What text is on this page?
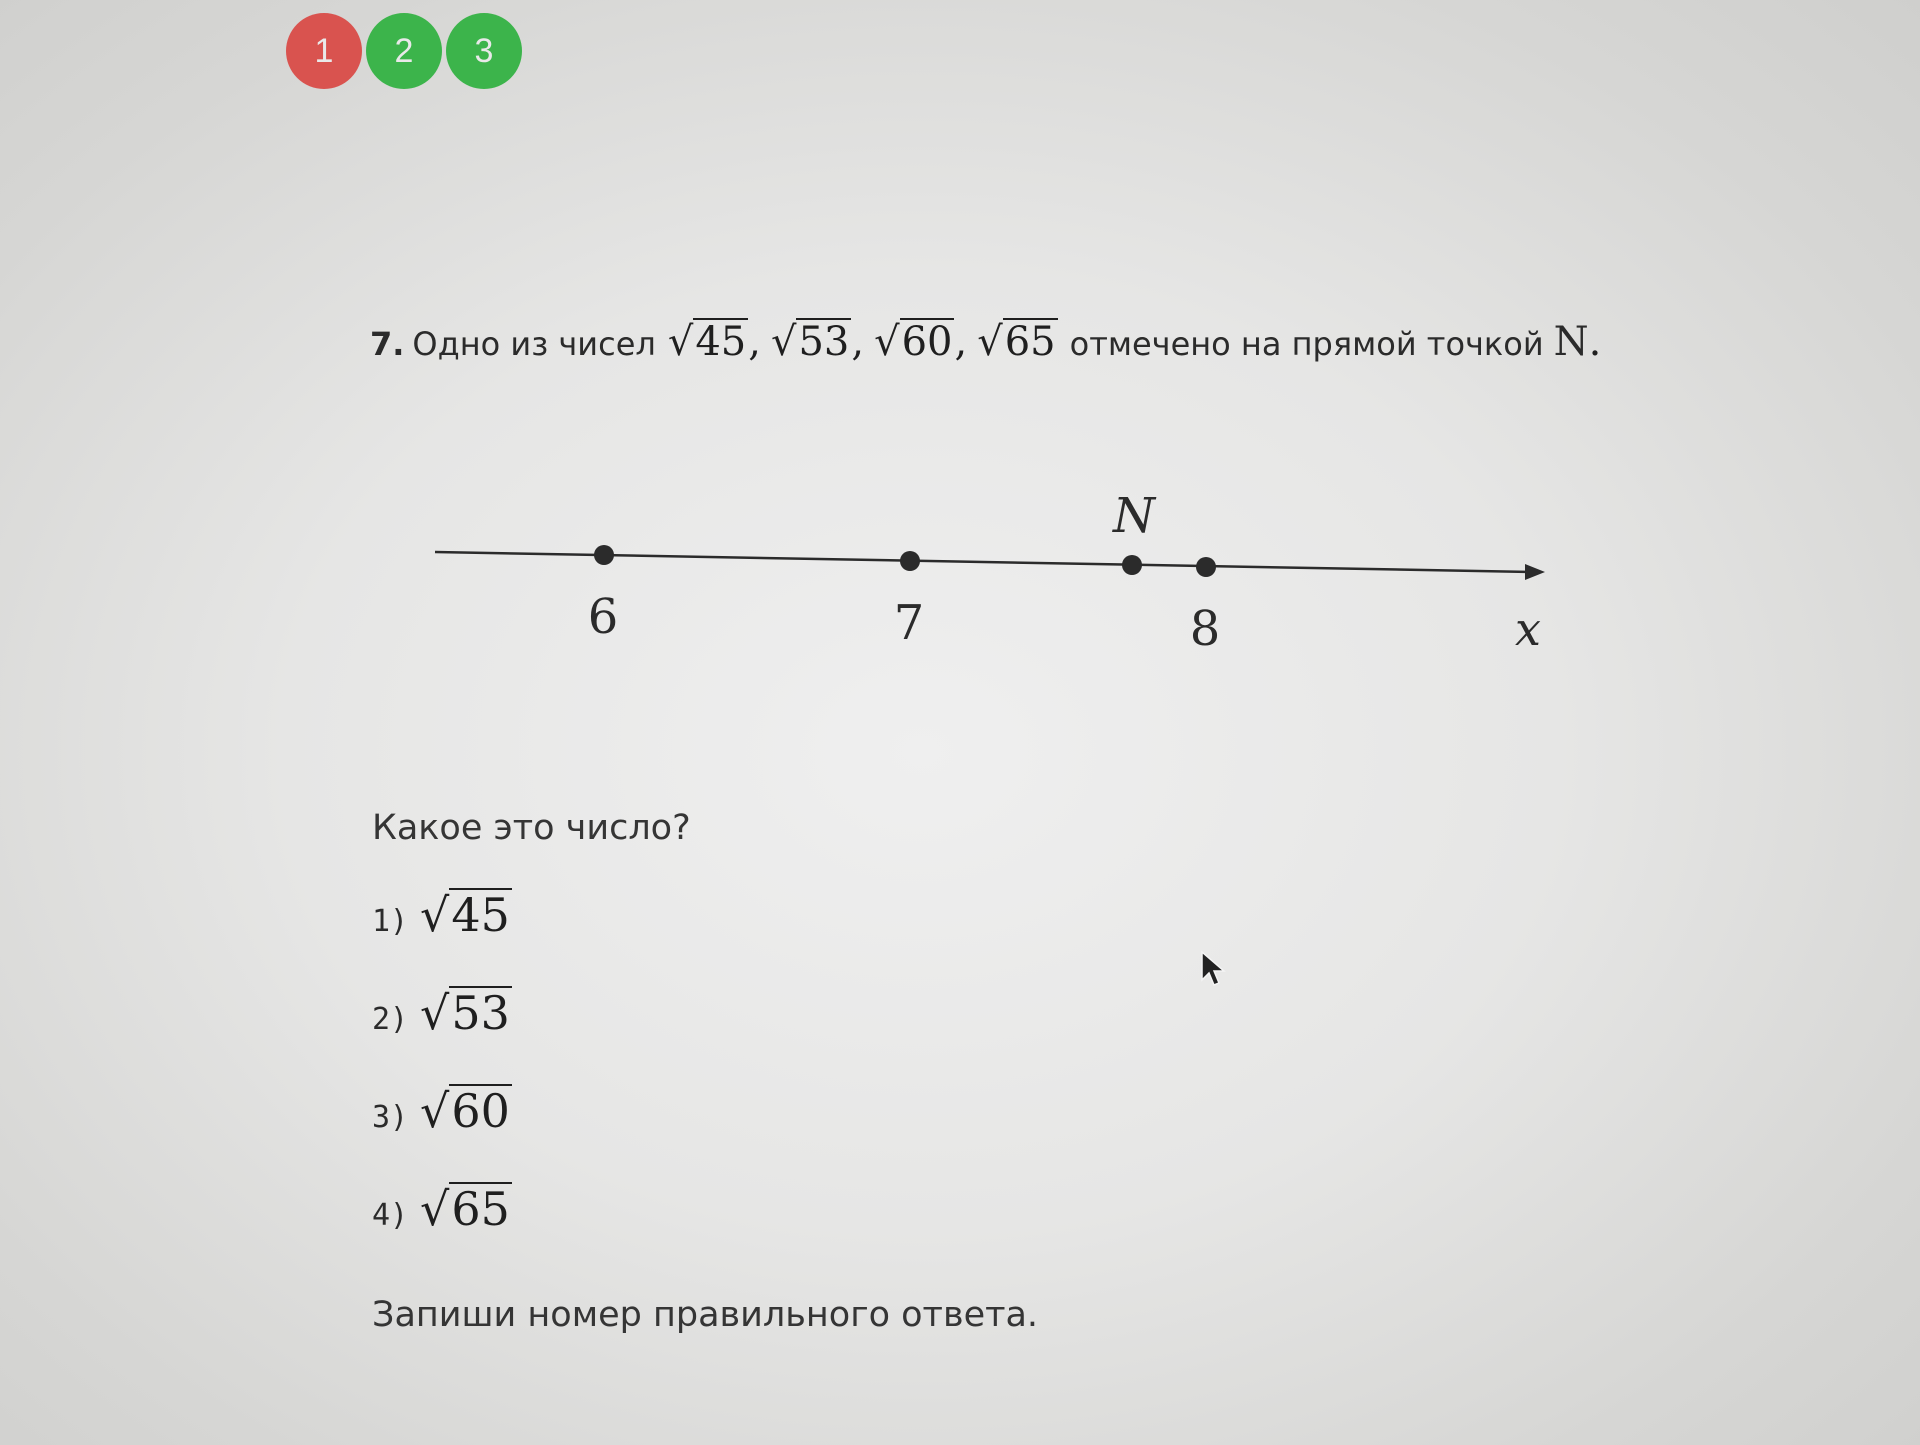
1 2 3
7. Одно из чисел √45 , √53 , √60 , √65 отмечено на прямой точкой N .
N
6	7	8	x
Какое это число?
1) √45
2) √53
3) √60
4) √65
Запиши номер правильного ответа.
